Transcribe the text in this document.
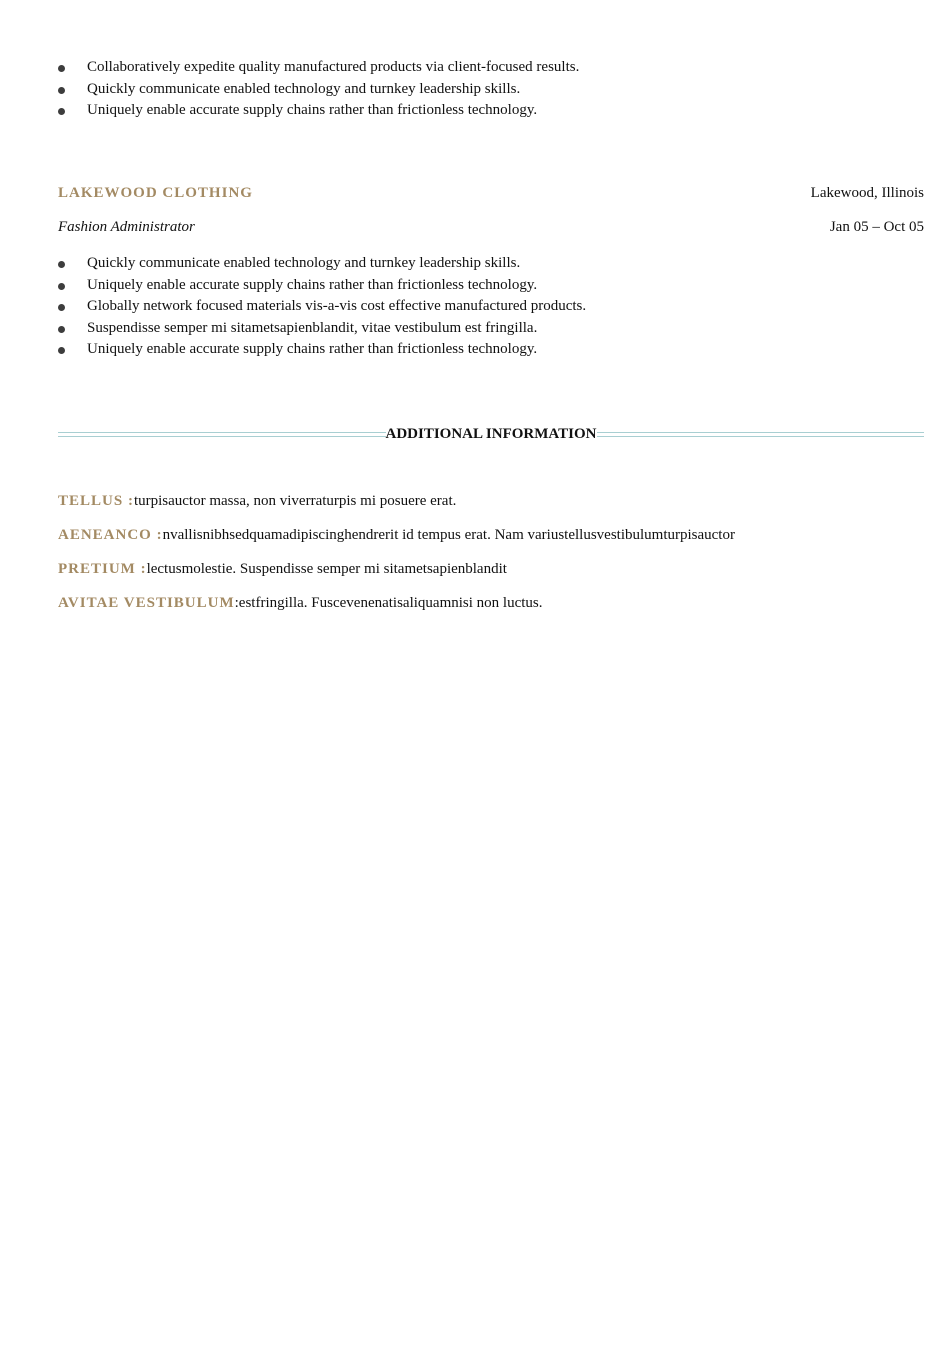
Collaboratively expedite quality manufactured products via client-focused results.
Quickly communicate enabled technology and turnkey leadership skills.
Uniquely enable accurate supply chains rather than frictionless technology.
LAKEWOOD CLOTHING	Lakewood, Illinois
Fashion Administrator	Jan 05 – Oct 05
Quickly communicate enabled technology and turnkey leadership skills.
Uniquely enable accurate supply chains rather than frictionless technology.
Globally network focused materials vis-a-vis cost effective manufactured products.
Suspendisse semper mi sitametsapienblandit, vitae vestibulum est fringilla.
Uniquely enable accurate supply chains rather than frictionless technology.
ADDITIONAL INFORMATION
TELLUS :turpisauctor massa, non viverraturpis mi posuere erat.
AENEANCO :nvallisnibhsedquamadipiscinghendrerit id tempus erat. Nam variustellusvestibulumturpisauctor
PRETIUM :lectusmolestie. Suspendisse semper mi sitametsapienblandit
AVITAE VESTIBULUM:estfringilla. Fuscevenenatisaliquamnisi non luctus.
